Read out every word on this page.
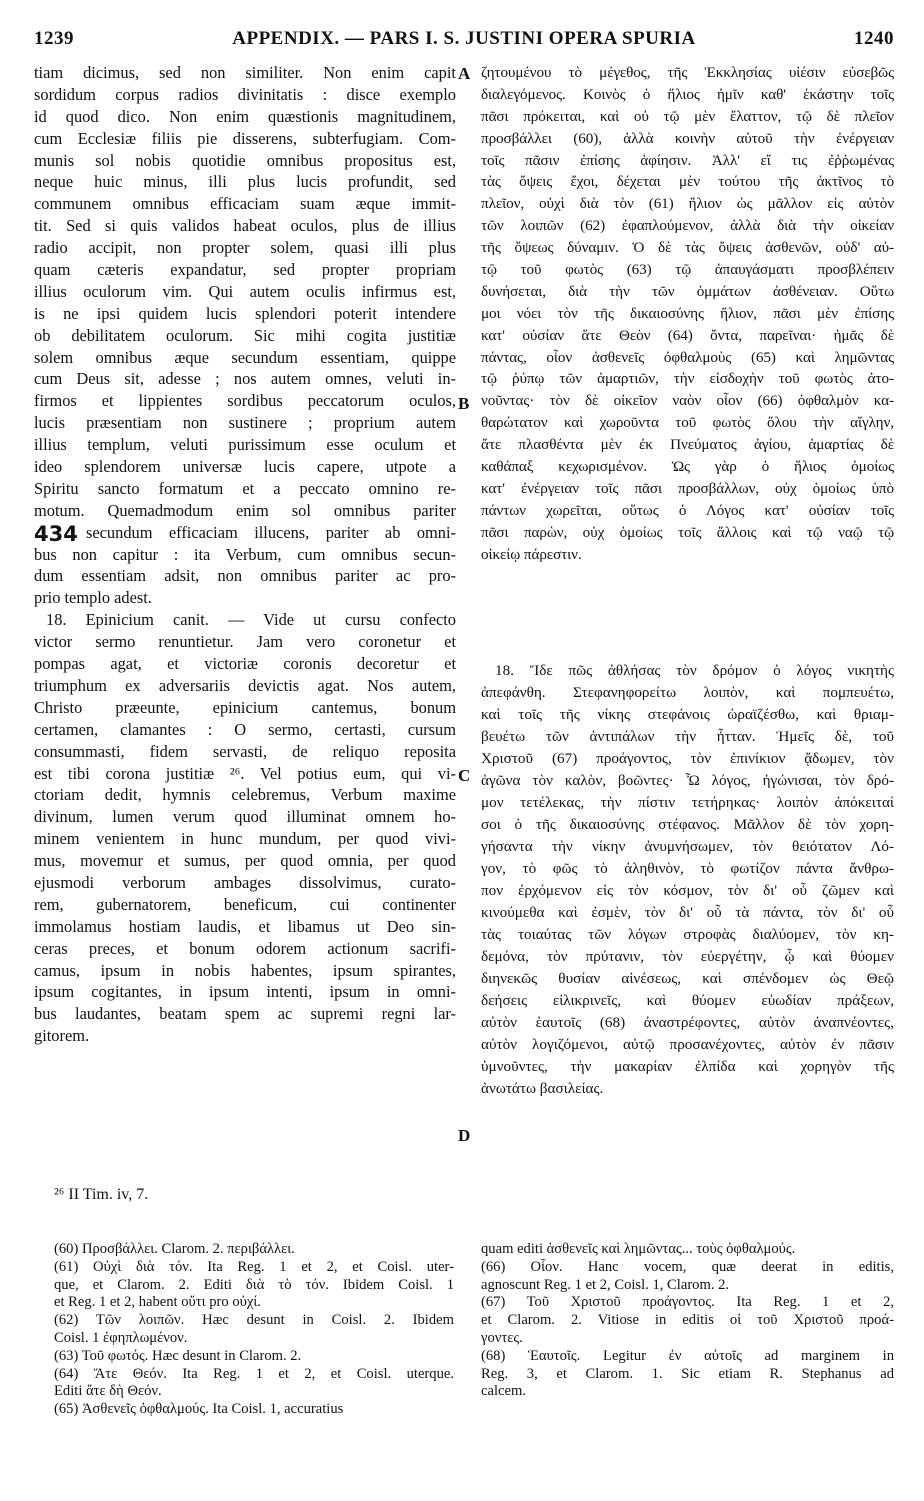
1239	APPENDIX. — PARS I. S. JUSTINI OPERA SPURIA	1240
tiam dicimus, sed non similiter. Non enim capit
sordidum corpus radios divinitatis : disce exemplo
id quod dico. Non enim quæstionis magnitudinem,
cum Ecclesiæ filiis pie disserens, subterfugiam. Com-
munis sol nobis quotidie omnibus propositus est,
neque huic minus, illi plus lucis profundit, sed
communem omnibus efficaciam suam æque immit-
tit. Sed si quis validos habeat oculos, plus de illius
radio accipit, non propter solem, quasi illi plus
quam cæteris expandatur, sed propter propriam
illius oculorum vim. Qui autem oculis infirmus est,
is ne ipsi quidem lucis splendori poterit intendere
ob debilitatem oculorum. Sic mihi cogita justitiæ
solem omnibus æque secundum essentiam, quippe
cum Deus sit, adesse ; nos autem omnes, veluti in-
firmos et lippientes sordibus peccatorum oculos,
lucis præsentiam non sustinere ; proprium autem
illius templum, veluti purissimum esse oculum et
ideo splendorem universæ lucis capere, utpote a
Spiritu sancto formatum et a peccato omnino re-
motum. Quemadmodum enim sol omnibus pariter
secundum efficaciam illucens, pariter ab omni-
bus non capitur : ita Verbum, cum omnibus secun-
dum essentiam adsit, non omnibus pariter ac pro-
prio templo adest.
18. Epinicium canit. — Vide ut cursu confecto
victor sermo renuntietur. Jam vero coronetur et
pompas agat, et victoriæ coronis decoretur et
triumphum ex adversariis devictis agat. Nos autem,
Christo præeunte, epinicium cantemus, bonum
certamen, clamantes : O sermo, certasti, cursum
consummasti, fidem servasti, de reliquo reposita
est tibi corona justitiæ ²⁶. Vel potius eum, qui vi-
ctoriam dedit, hymnis celebremus, Verbum maxime
divinum, lumen verum quod illuminat omnem ho-
minem venientem in hunc mundum, per quod vivi-
mus, movemur et sumus, per quod omnia, per quod
ejusmodi verborum ambages dissolvimus, curato-
rem, gubernatorem, beneficum, cui continenter
immolamus hostiam laudis, et libamus ut Deo sin-
ceras preces, et bonum odorem actionum sacrifi-
camus, ipsum in nobis habentes, ipsum spirantes,
ipsum cogitantes, in ipsum intenti, ipsum in omni-
bus laudantes, beatam spem ac supremi regni lar-
gitorem.
434
ζητουμένου τὸ μέγεθος, τῆς Ἐκκλησίας υἱέσιν εὐσεβῶς
διαλεγόμενος. Κοινὸς ὁ ἥλιος ἡμῖν καθ' ἑκάστην τοῖς
πᾶσι πρόκειται, καὶ οὐ τῷ μὲν ἔλαττον, τῷ δὲ πλεῖον
προσβάλλει (60), ἀλλὰ κοινὴν αὐτοῦ τὴν ἐνέργειαν
τοῖς πᾶσιν ἐπίσης ἀφίησιν. Ἀλλ' εἴ τις ἐῤῥωμένας
τὰς ὄψεις ἔχοι, δέχεται μὲν τούτου τῆς ἀκτῖνος τὸ
πλεῖον, οὐχὶ διὰ τὸν (61) ἥλιον ὡς μᾶλλον εἰς αὐτὸν
τῶν λοιπῶν (62) ἐφαπλούμενον, ἀλλὰ διὰ τὴν οἰκείαν
τῆς ὄψεως δύναμιν. Ὁ δὲ τὰς ὄψεις ἀσθενῶν, οὐδ' αὐ-
τῷ τοῦ φωτὸς (63) τῷ ἀπαυγάσματι προσβλέπειν
δυνήσεται, διὰ τὴν τῶν ὀμμάτων ἀσθένειαν. Οὕτω
μοι νόει τὸν τῆς δικαιοσύνης ἥλιον, πᾶσι μὲν ἐπίσης
κατ' οὐσίαν ἅτε Θεὸν (64) ὄντα, παρεῖναι· ἡμᾶς δὲ
πάντας, οἷον ἀσθενεῖς ὀφθαλμοὺς (65) καὶ λημῶντας
τῷ ῥύπῳ τῶν ἁμαρτιῶν, τὴν εἰσδοχὴν τοῦ φωτὸς ἀτο-
νοῦντας· τὸν δὲ οἰκεῖον ναὸν οἷον (66) ὀφθαλμὸν κα-
θαρώτατον καὶ χωροῦντα τοῦ φωτὸς ὅλου τὴν αἴγλην,
ἅτε πλασθέντα μὲν ἐκ Πνεύματος ἁγίου, ἁμαρτίας δὲ
καθάπαξ κεχωρισμένον. Ὡς γὰρ ὁ ἥλιος ὁμοίως
κατ' ἐνέργειαν τοῖς πᾶσι προσβάλλων, οὐχ ὁμοίως ὑπὸ
πάντων χωρεῖται, οὕτως ὁ Λόγος κατ' οὐσίαν τοῖς
πᾶσι παρὼν, οὐχ ὁμοίως τοῖς ἄλλοις καὶ τῷ ναῷ τῷ
οἰκείῳ πάρεστιν.
18. Ἴδε πῶς ἀθλήσας τὸν δρόμον ὁ λόγος νικητὴς
ἀπεφάνθη. Στεφανηφορείτω λοιπὸν, καὶ πομπευέτω,
καὶ τοῖς τῆς νίκης στεφάνοις ὡραϊζέσθω, καὶ θριαμ-
βευέτω τῶν ἀντιπάλων τὴν ἧτταν. Ἡμεῖς δὲ, τοῦ
Χριστοῦ (67) προάγοντος, τὸν ἐπινίκιον ᾄδωμεν, τὸν
ἀγῶνα τὸν καλὸν, βοῶντες· Ὦ λόγος, ἠγώνισαι, τὸν δρό-
μον τετέλεκας, τὴν πίστιν τετήρηκας· λοιπὸν ἀπόκειταί
σοι ὁ τῆς δικαιοσύνης στέφανος. Μᾶλλον δὲ τὸν χορη-
γήσαντα τὴν νίκην ἀνυμνήσωμεν, τὸν θειότατον Λό-
γον, τὸ φῶς τὸ ἀληθινὸν, τὸ φωτίζον πάντα ἄνθρω-
πον ἐρχόμενον εἰς τὸν κόσμον, τὸν δι' οὗ ζῶμεν καὶ
κινούμεθα καὶ ἐσμὲν, τὸν δι' οὗ τὰ πάντα, τὸν δι' οὗ
τὰς τοιαύτας τῶν λόγων στροφὰς διαλύομεν, τὸν κη-
δεμόνα, τὸν πρύτανιν, τὸν εὐεργέτην, ᾧ καὶ θύομεν
διηνεκῶς θυσίαν αἰνέσεως, καὶ σπένδομεν ὡς Θεῷ
δεήσεις εἰλικρινεῖς, καὶ θύομεν εὐωδίαν πράξεων,
αὐτὸν ἑαυτοῖς (68) ἀναστρέφοντες, αὐτὸν ἀναπνέοντες,
αὐτὸν λογιζόμενοι, αὐτῷ προσανέχοντες, αὐτὸν ἐν πᾶσιν
ὑμνοῦντες, τὴν μακαρίαν ἐλπίδα καὶ χορηγὸν τῆς
ἀνωτάτω βασιλείας.
A
B
C
D
²⁶ II Tim. iv, 7.
(60) Προσβάλλει. Clarom. 2. περιβάλλει.
(61) Οὐχὶ διὰ τόν. Ita Reg. 1 et 2, et Coisl. uter-
que, et Clarom. 2. Editi διὰ τὸ τόν. Ibidem Coisl. 1
et Reg. 1 et 2, habent οὔτι pro οὐχί.
(62) Τῶν λοιπῶν. Hæc desunt in Coisl. 2. Ibidem
Coisl. 1 ἐφηπλωμένον.
(63) Τοῦ φωτός. Hæc desunt in Clarom. 2.
(64) Ἅτε Θεόν. Ita Reg. 1 et 2, et Coisl. uterque.
Editi ἅτε δὴ Θεόν.
(65) Ἀσθενεῖς ὀφθαλμούς. Ita Coisl. 1, accuratius
quam editi ἀσθενεῖς καὶ λημῶντας... τοὺς ὀφθαλμούς.
(66) Οἷον. Hanc vocem, quæ deerat in editis,
agnoscunt Reg. 1 et 2, Coisl. 1, Clarom. 2.
(67) Τοῦ Χριστοῦ προάγοντος. Ita Reg. 1 et 2,
et Clarom. 2. Vitiose in editis οἱ τοῦ Χριστοῦ προά-
γοντες.
(68) Ἑαυτοῖς. Legitur ἐν αὐτοῖς ad marginem in
Reg. 3, et Clarom. 1. Sic etiam R. Stephanus ad
calcem.
